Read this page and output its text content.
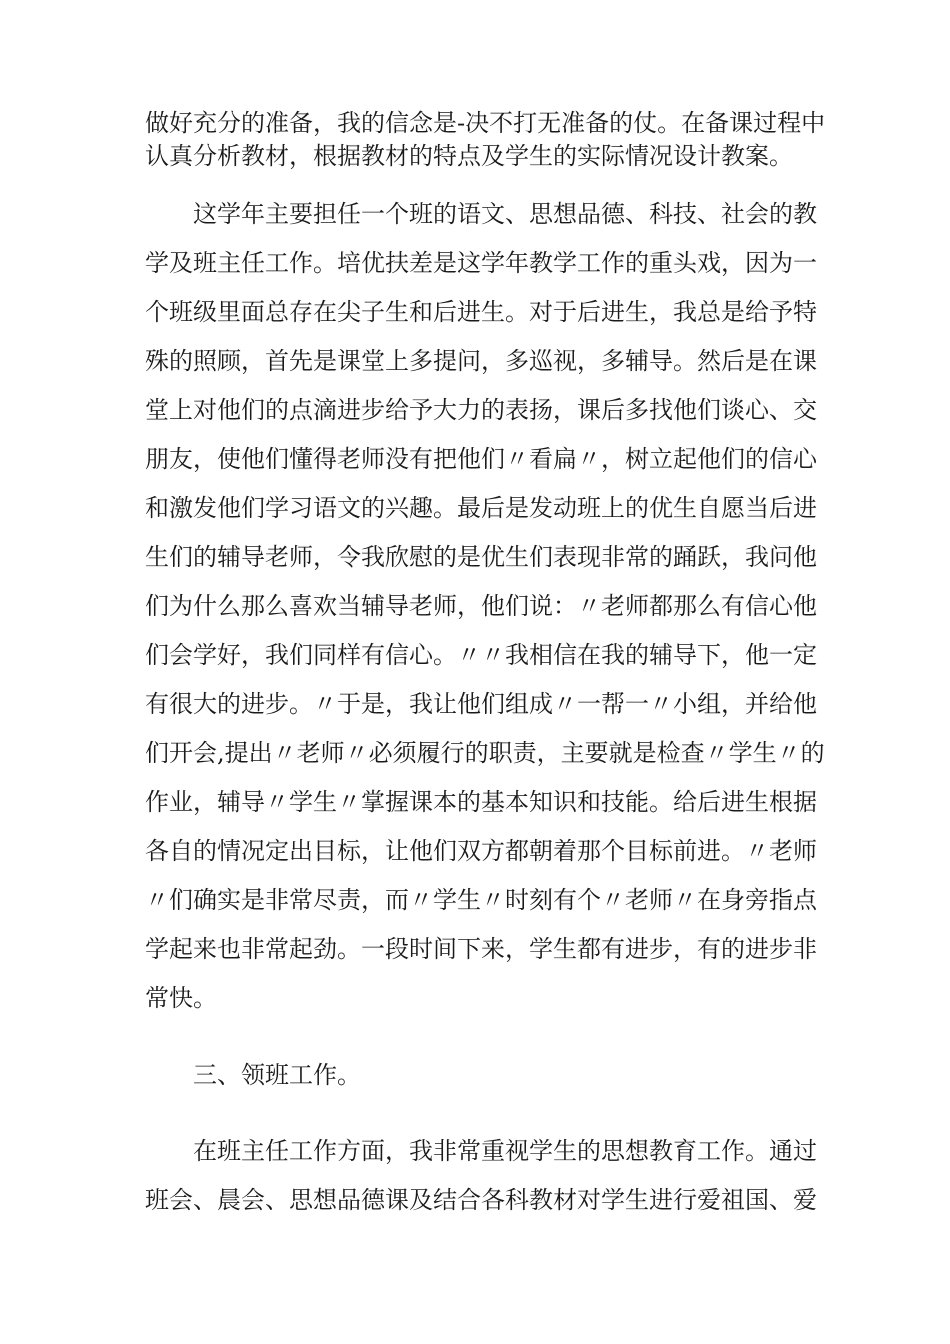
做好充分的准备，我的信念是-决不打无准备的仗。在备课过程中
认真分析教材，根据教材的特点及学生的实际情况设计教案。
这学年主要担任一个班的语文、思想品德、科技、社会的教
学及班主任工作。培优扶差是这学年教学工作的重头戏，因为一
个班级里面总存在尖子生和后进生。对于后进生，我总是给予特
殊的照顾，首先是课堂上多提问，多巡视，多辅导。然后是在课
堂上对他们的点滴进步给予大力的表扬，课后多找他们谈心、交
朋友，使他们懂得老师没有把他们〃看扁〃，树立起他们的信心
和激发他们学习语文的兴趣。最后是发动班上的优生自愿当后进
生们的辅导老师，令我欣慰的是优生们表现非常的踊跃，我问他
们为什么那么喜欢当辅导老师，他们说：〃老师都那么有信心他
们会学好，我们同样有信心。〃〃我相信在我的辅导下，他一定
有很大的进步。〃于是，我让他们组成〃一帮一〃小组，并给他
们开会,提出〃老师〃必须履行的职责，主要就是检查〃学生〃的
作业，辅导〃学生〃掌握课本的基本知识和技能。给后进生根据
各自的情况定出目标，让他们双方都朝着那个目标前进。〃老师
〃们确实是非常尽责，而〃学生〃时刻有个〃老师〃在身旁指点
学起来也非常起劲。一段时间下来，学生都有进步，有的进步非
常快。
三、领班工作。
在班主任工作方面，我非常重视学生的思想教育工作。通过
班会、晨会、思想品德课及结合各科教材对学生进行爱祖国、爱
